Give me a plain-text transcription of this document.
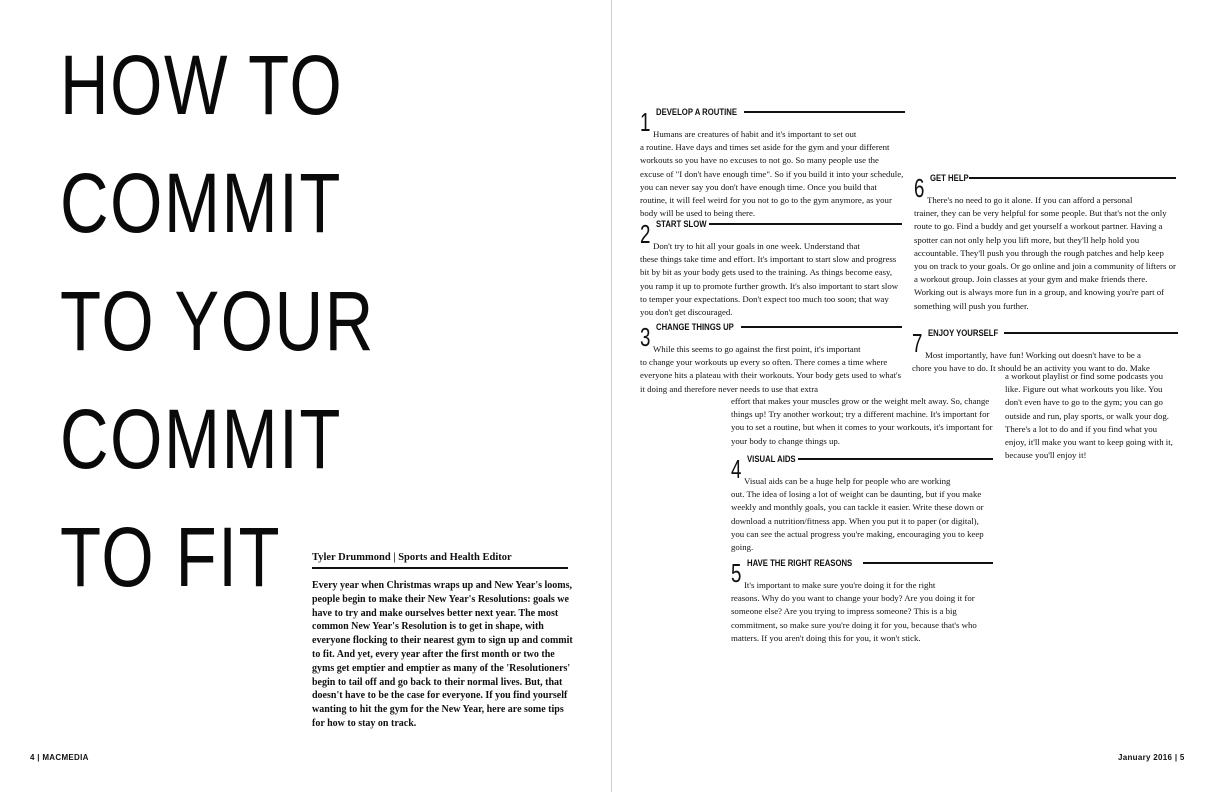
HOW TO
COMMIT
TO YOUR
COMMIT
TO FIT	Tyler Drummond | Sports and Health Editor

Every year when Christmas wraps up and New Year's looms, people begin to make their New Year's Resolutions: goals we have to try and make ourselves better next year. The most common New Year's Resolution is to get in shape, with everyone flocking to their nearest gym to sign up and commit to fit. And yet, every year after the first month or two the gyms get emptier and emptier as many of the 'Resolutioners' begin to tail off and go back to their normal lives. But, that doesn't have to be the case for everyone. If you find yourself wanting to hit the gym for the New Year, here are some tips for how to stay on track.

4 | MACMEDIA	January 2016 | 5
1 DEVELOP A ROUTINE

Humans are creatures of habit and it's important to set out
a routine. Have days and times set aside for the gym and your different workouts so you have no excuses to not go. So many people use the excuse of "I don't have enough time". So if you build it into your schedule, you can never say you don't have enough time. Once you build that routine, it will feel weird for you not to go to the gym anymore, as your body will be used to being there.

2 START SLOW

Don't try to hit all your goals in one week. Understand that
these things take time and effort. It's important to start slow and progress bit by bit as your body gets used to the training. As things become easy, you ramp it up to promote further growth. It's also important to start slow to temper your expectations. Don't expect too much too soon; that way you don't get discouraged.

3 CHANGE THINGS UP

While this seems to go against the first point, it's important
to change your workouts up every so often. There comes a time where everyone hits a plateau with their workouts. Your body gets used to what's it doing and therefore never needs to use that extra

effort that makes your muscles grow or the weight melt away. So, change things up! Try another workout; try a different machine. It's important for you to set a routine, but when it comes to your workouts, it's important for your body to change things up.

4 VISUAL AIDS

Visual aids can be a huge help for people who are working
out. The idea of losing a lot of weight can be daunting, but if you make weekly and monthly goals, you can tackle it easier. Write these down or download a nutrition/fitness app. When you put it to paper (or digital), you can see the actual progress you're making, encouraging you to keep going.

5 HAVE THE RIGHT REASONS

It's important to make sure you're doing it for the right
reasons. Why do you want to change your body? Are you doing it for someone else? Are you trying to impress someone? This is a big commitment, so make sure you're doing it for you, because that's who matters. If you aren't doing this for you, it won't stick.

6 GET HELP

There's no need to go it alone. If you can afford a personal
trainer, they can be very helpful for some people. But that's not the only route to go. Find a buddy and get yourself a workout partner. Having a spotter can not only help you lift more, but they'll help hold you accountable. They'll push you through the rough patches and help keep you on track to your goals. Or go online and join a community of lifters or a workout group. Join classes at your gym and make friends there. Working out is always more fun in a group, and knowing you're part of something will push you further.

7 ENJOY YOURSELF

Most importantly, have fun! Working out doesn't have to be a
chore you have to do. It should be an activity you want to do. Make

a workout playlist or find some podcasts you like. Figure out what workouts you like. You don't even have to go to the gym; you can go outside and run, play sports, or walk your dog. There's a lot to do and if you find what you enjoy, it'll make you want to keep going with it, because you'll enjoy it!
